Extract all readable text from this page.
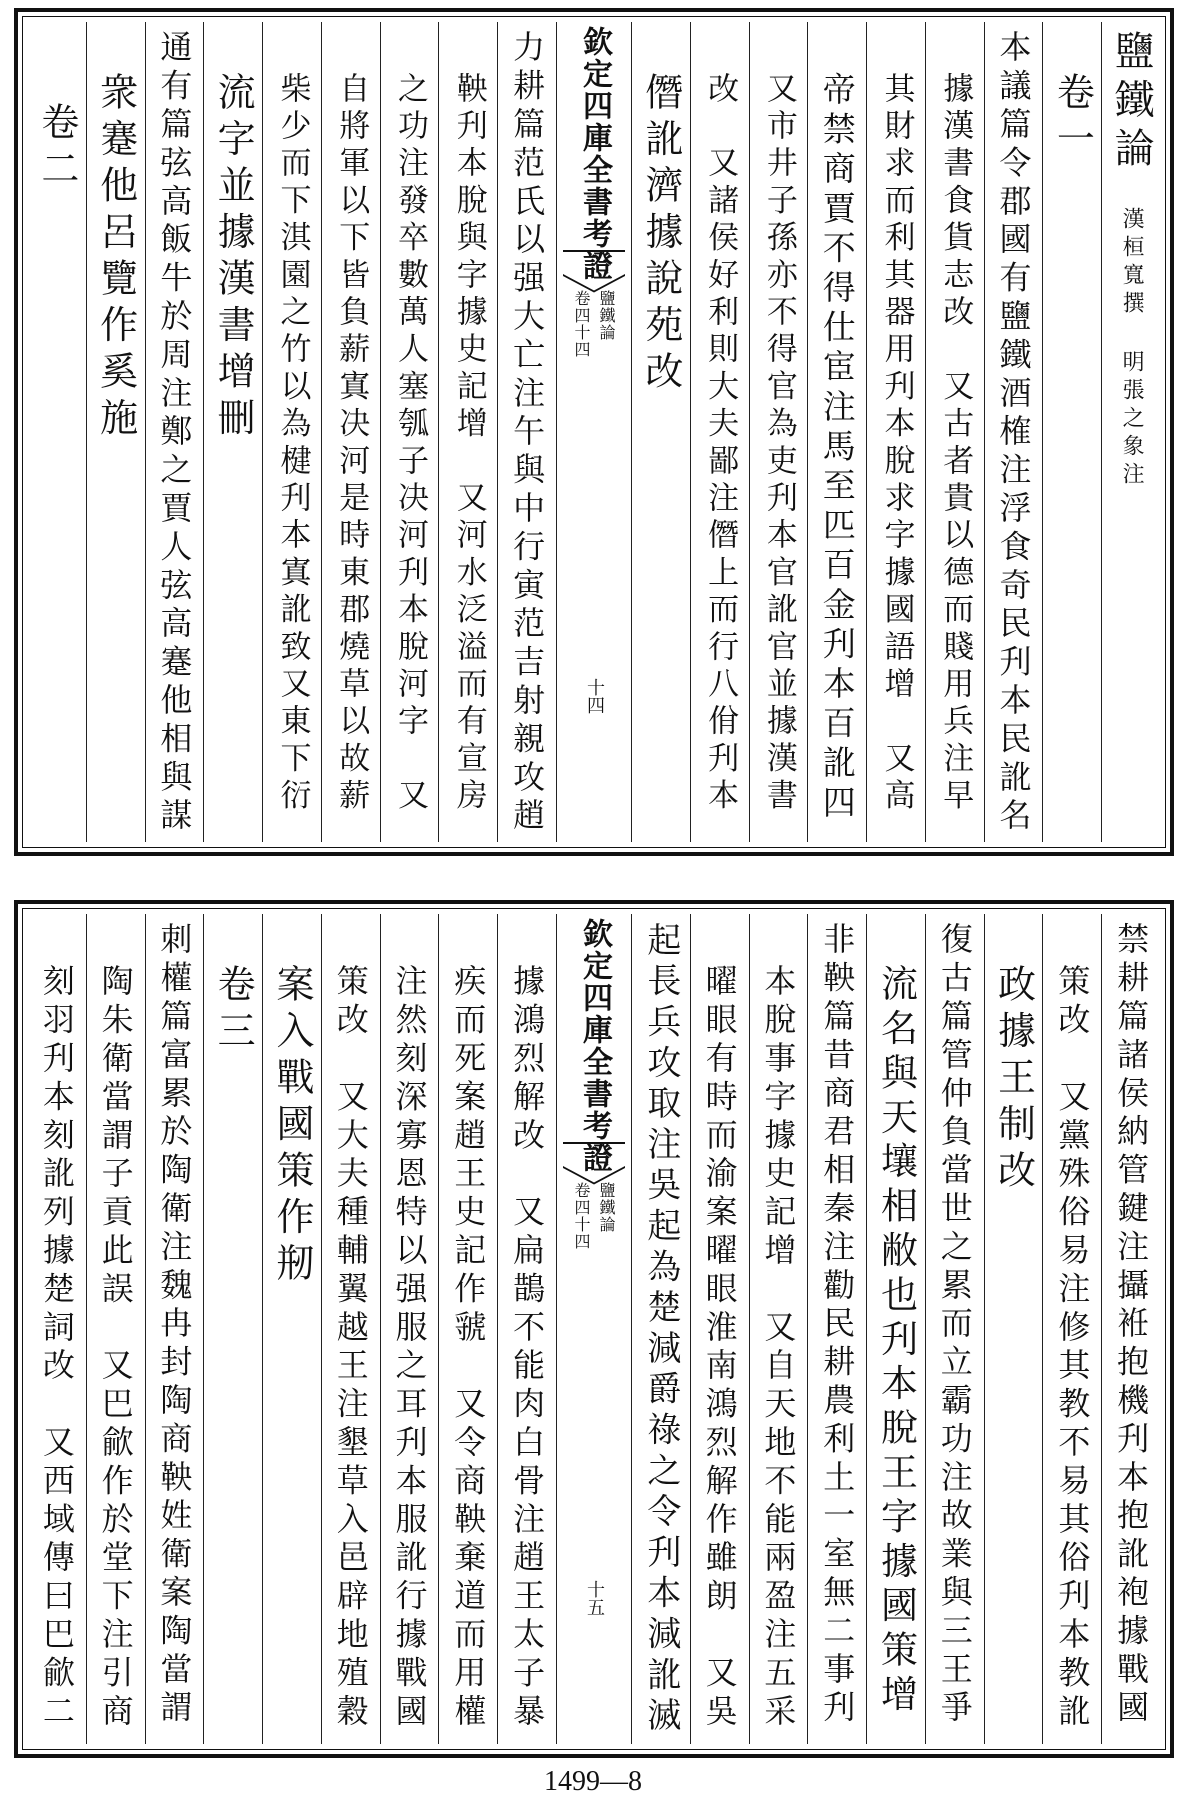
鹽鐵論
漢桓寬撰 明張之象注
卷一
本議篇令郡國有鹽鐵酒榷注浮食奇民刋本民訛名
據漢書食貨志改　又古者貴以德而賤用兵注早
其財求而利其器用刋本脫求字據國語增　又高
帝禁商賈不得仕宦注馬至匹百金刋本百訛四
又市井子孫亦不得官為吏刋本官訛官並據漢書
改　又諸侯好利則大夫鄙注僭上而行八佾刋本
僭訛濟據說苑改
欽定四庫全書考證
鹽鐵論
卷四十四
十四
力耕篇范氏以强大亡注午與中行寅范吉射親攻趙
鞅刋本脫與字據史記增　又河水泛溢而有宣房
之功注發卒數萬人塞瓠子决河刋本脫河字　又
自將軍以下皆負薪寘决河是時東郡燒草以故薪
柴少而下淇園之竹以為楗刋本寘訛致又東下衍
流字並據漢書增刪
通有篇弦高飯牛於周注鄭之賈人弦高蹇他相與謀
衆蹇他呂覽作奚施
卷二
禁耕篇諸侯納管鍵注攝袵抱機刋本抱訛袍據戰國
策改　又黨殊俗易注修其教不易其俗刋本教訛
政據王制改
復古篇管仲負當世之累而立霸功注故業與三王爭
流名與天壤相敝也刋本脫王字據國策增
非鞅篇昔商君相秦注勸民耕農利土一室無二事刋
本脫事字據史記增　又自天地不能兩盈注五采
曜眼有時而渝案曜眼淮南鴻烈解作雖朗　又吳
起長兵攻取注吳起為楚減爵祿之令刋本減訛滅
欽定四庫全書考證
鹽鐵論
卷四十四
十五
據鴻烈解改　又扁鵲不能肉白骨注趙王太子暴
疾而死案趙王史記作虢　又令商鞅棄道而用權
注然刻深寡恩特以强服之耳刋本服訛行據戰國
策改　又大夫種輔翼越王注墾草入邑辟地殖穀
案入戰國策作剏
卷三
刺權篇富累於陶衛注魏冉封陶商鞅姓衛案陶當謂
陶朱衛當謂子貢此誤　又巴歈作於堂下注引商
刻羽刋本刻訛列據楚詞改　又西域傳曰巴歈二
1499—8
